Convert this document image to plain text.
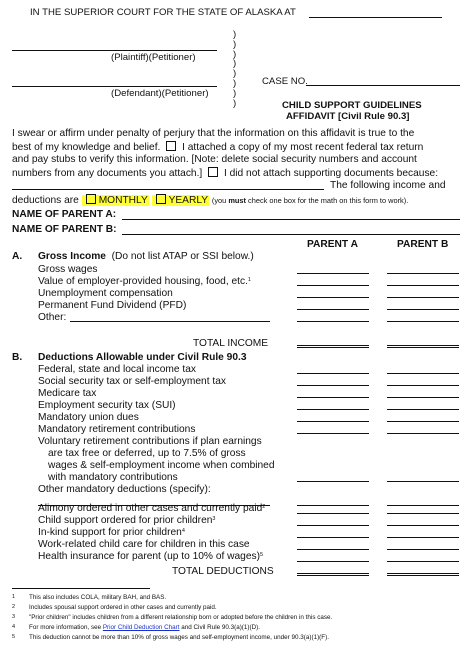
IN THE SUPERIOR COURT FOR THE STATE OF ALASKA AT
(Plaintiff)(Petitioner)
(Defendant)(Petitioner)
)
)
)
)
)
)
)
)
CASE NO.
CHILD SUPPORT GUIDELINES
AFFIDAVIT [Civil Rule 90.3]
I swear or affirm under penalty of perjury that the information on this affidavit is true to the
best of my knowledge and belief. I attached a copy of my most recent federal tax return
and pay stubs to verify this information. [Note: delete social security numbers and account
numbers from any documents you attach.] I did not attach supporting documents because:
The following income and
deductions are MONTHLY YEARLY (you must check one box for the math on this form to work).
NAME OF PARENT A:
NAME OF PARENT B:
PARENT A	PARENT B
A. Gross Income (Do not list ATAP or SSI below.)
Gross wages
Value of employer-provided housing, food, etc.$^1$
Unemployment compensation
Permanent Fund Dividend (PFD)
Other:
TOTAL INCOME
B. Deductions Allowable under Civil Rule 90.3
Federal, state and local income tax
Social security tax or self-employment tax
Medicare tax
Employment security tax (SUI)
Mandatory union dues
Mandatory retirement contributions
Voluntary retirement contributions if plan earnings
are tax free or deferred, up to 7.5% of gross
wages & self-employment income when combined
with mandatory contributions
Other mandatory deductions (specify):
Alimony ordered in other cases and currently paid$^2$
Child support ordered for prior children$^3$
In-kind support for prior children$^4$
Work-related child care for children in this case
Health insurance for parent (up to 10% of wages)$^5$
TOTAL DEDUCTIONS
1 This also includes COLA, military BAH, and BAS.
2 Includes spousal support ordered in other cases and currently paid.
3 "Prior children" includes children from a different relationship born or adopted before the children in this case.
4 For more information, see Prior Child Deduction Chart and Civil Rule 90.3(a)(1)(D).
5 This deduction cannot be more than 10% of gross wages and self-employment income, under 90.3(a)(1)(F).
